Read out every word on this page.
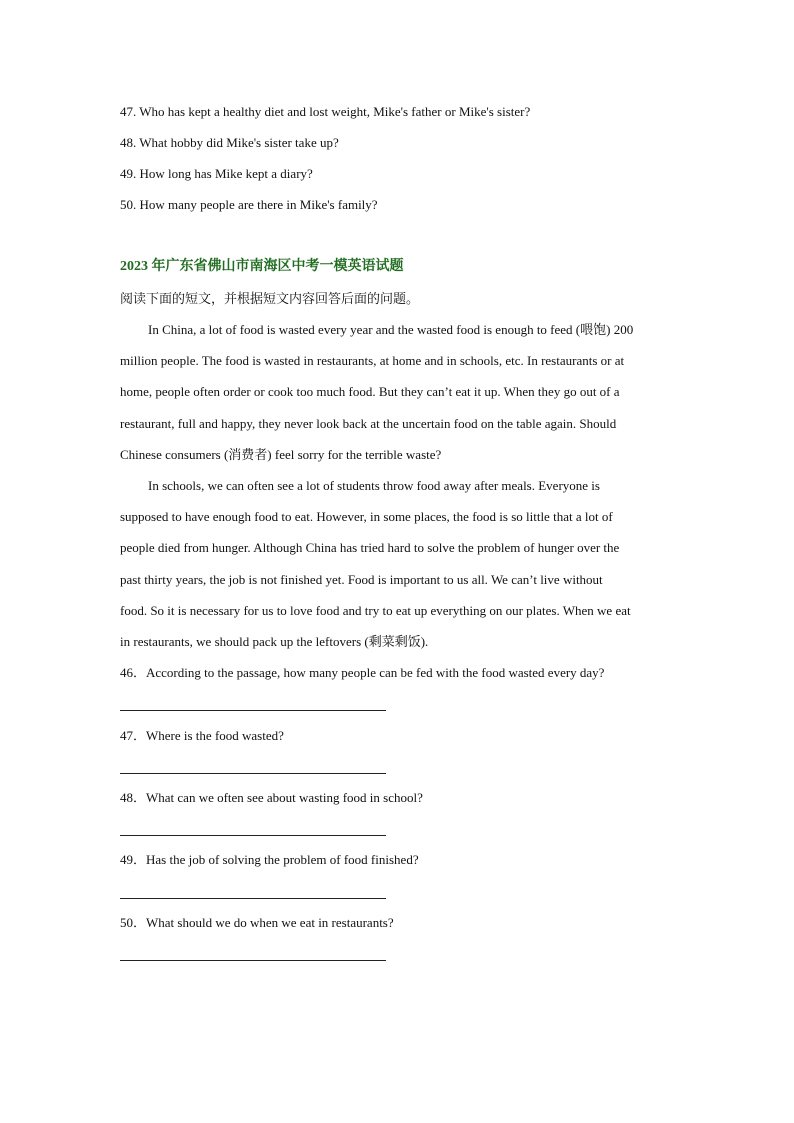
47. Who has kept a healthy diet and lost weight, Mike's father or Mike's sister?
48. What hobby did Mike's sister take up?
49. How long has Mike kept a diary?
50. How many people are there in Mike's family?
2023 年广东省佛山市南海区中考一模英语试题
阅读下面的短文，并根据短文内容回答后面的问题。
In China, a lot of food is wasted every year and the wasted food is enough to feed (喂饱) 200
million people. The food is wasted in restaurants, at home and in schools, etc. In restaurants or at
home, people often order or cook too much food. But they can’t eat it up. When they go out of a
restaurant, full and happy, they never look back at the uncertain food on the table again. Should
Chinese consumers (消费者) feel sorry for the terrible waste?
In schools, we can often see a lot of students throw food away after meals. Everyone is
supposed to have enough food to eat. However, in some places, the food is so little that a lot of
people died from hunger. Although China has tried hard to solve the problem of hunger over the
past thirty years, the job is not finished yet. Food is important to us all. We can’t live without
food. So it is necessary for us to love food and try to eat up everything on our plates. When we eat
in restaurants, we should pack up the leftovers (剩菜剩饭).
46．According to the passage, how many people can be fed with the food wasted every day?
47．Where is the food wasted?
48．What can we often see about wasting food in school?
49．Has the job of solving the problem of food finished?
50．What should we do when we eat in restaurants?
